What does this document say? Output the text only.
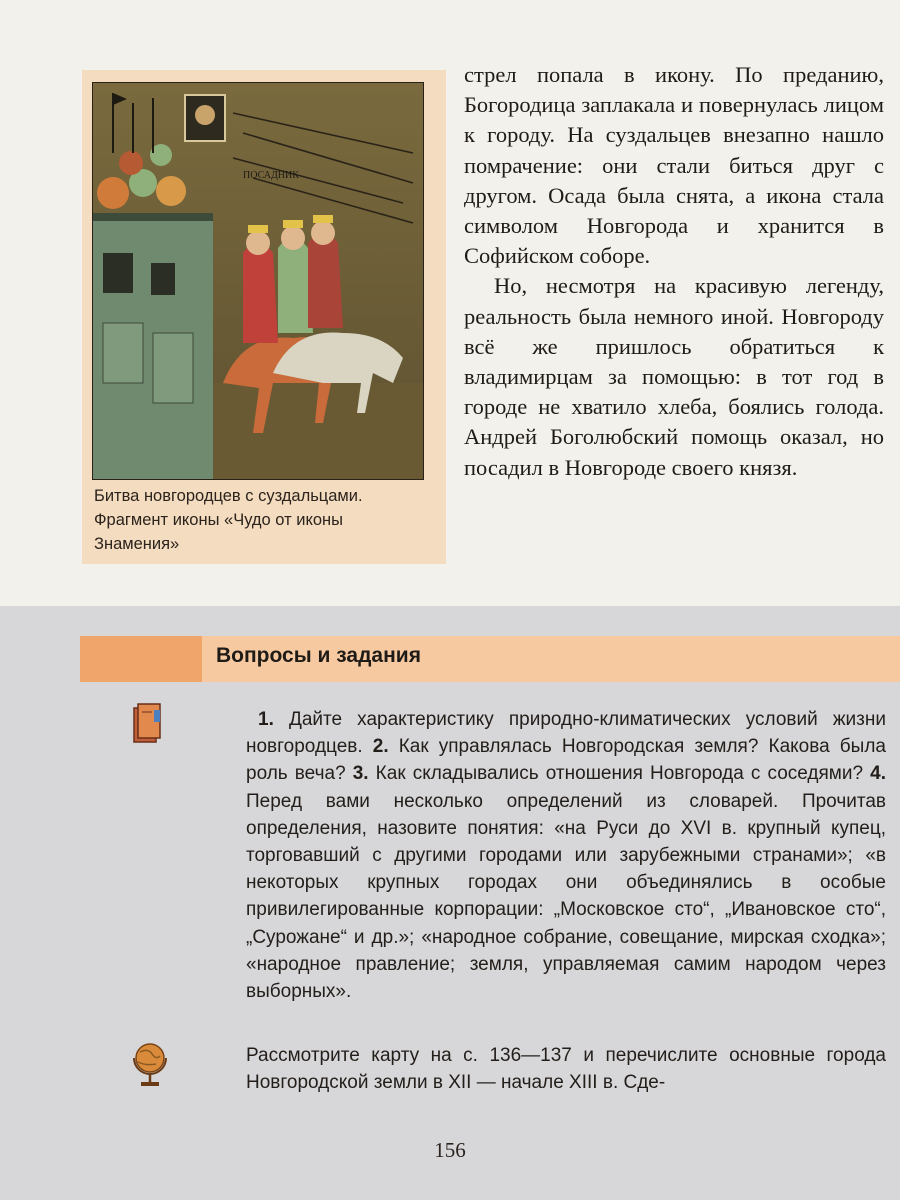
ПОСАДНИК
Битва новгородцев с суздальцами.
Фрагмент иконы «Чудо от иконы
Знамения»

стрел попала в икону. По преданию, Богородица заплакала и повернулась лицом к городу. На суздальцев внезапно нашло помрачение: они стали биться друг с другом. Осада была снята, а икона стала символом Новгорода и хранится в Софийском соборе.

Но, несмотря на красивую легенду, реальность была немного иной. Новгороду всё же пришлось обратиться к владимирцам за помощью: в тот год в городе не хватило хлеба, боялись голода. Андрей Боголюбский помощь оказал, но посадил в Новгороде своего князя.

Вопросы и задания
1. Дайте характеристику природно-климатических условий жизни новгородцев. 2. Как управлялась Новгородская земля? Какова была роль веча? 3. Как складывались отношения Новгорода с соседями? 4. Перед вами несколько определений из словарей. Прочитав определения, назовите понятия: «на Руси до XVI в. крупный купец, торговавший с другими городами или зарубежными странами»; «в некоторых крупных городах они объединялись в особые привилегированные корпорации: „Московское сто“, „Ивановское сто“, „Сурожане“ и др.»; «народное собрание, совещание, мирская сходка»; «народное правление; земля, управляемая самим народом через выборных».
Рассмотрите карту на с. 136—137 и перечислите основные города Новгородской земли в XII — начале XIII в. Сде-
156
